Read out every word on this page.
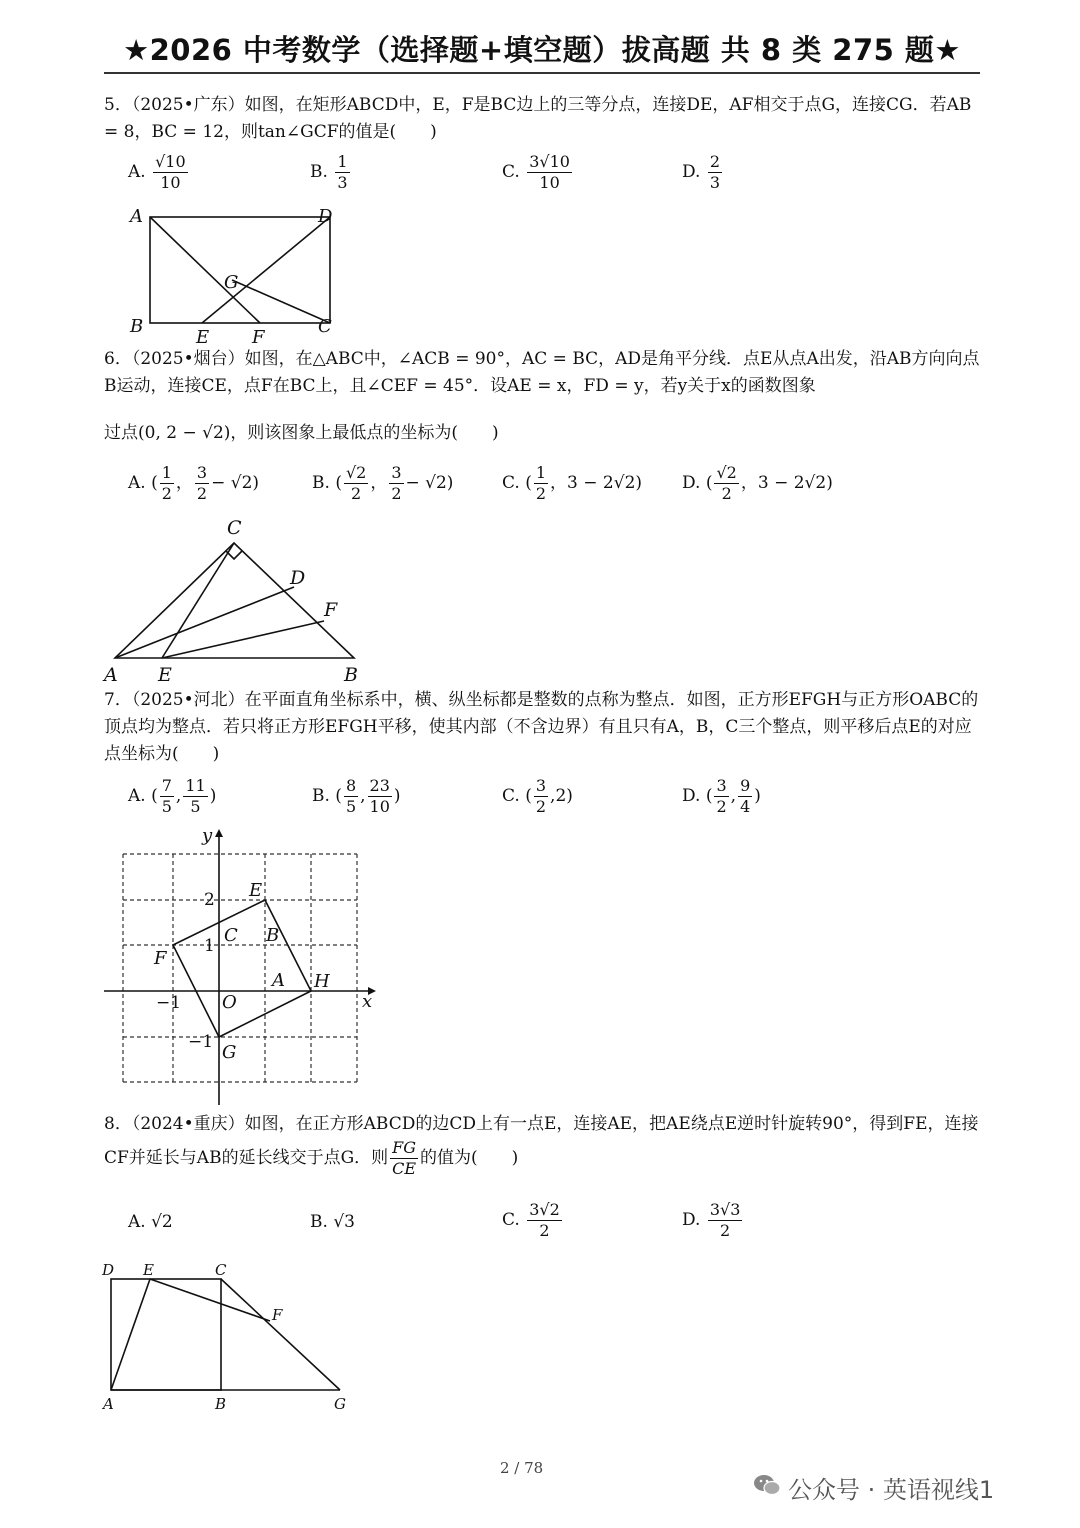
★2026 中考数学（选择题+填空题）拔高题 共 8 类 275 题★
5．（2025•广东）如图，在矩形ABCD中，E，F是BC边上的三等分点，连接DE，AF相交于点G，连接CG．若AB = 8，BC = 12，则tan∠GCF的值是(　　)
A. $\frac{√10}{10}$	B. $\frac{1}{3}$	C. $\frac{3√10}{10}$	D. $\frac{2}{3}$
A	D
B	C
E F
G
6．（2025•烟台）如图，在△ABC中，∠ACB = 90°，AC = BC，AD是角平分线．点E从点A出发，沿AB方向向点B运动，连接CE，点F在BC上，且∠CEF = 45°．设AE = x，FD = y，若y关于x的函数图象
过点(0, 2 − √2)，则该图象上最低点的坐标为(　　)
A. ( $\frac{1}{2}$ ， $\frac{3}{2} - √2$)	B. ( $\frac{√2}{2}$ ， $\frac{3}{2} - √2$)	C. ( $\frac{1}{2}$ ，3 − 2√2) D. ( $\frac{√2}{2}$ ，3 − 2√2)
A	B
C
D
E
F
7．（2025•河北）在平面直角坐标系中，横、纵坐标都是整数的点称为整点．如图，正方形EFGH与正方形OABC的顶点均为整点．若只将正方形EFGH平移，使其内部（不含边界）有且只有A，B，C三个整点，则平移后点E的对应点坐标为(　　)
A. ( $\frac{7}{5}$ , $\frac{11}{5}$ )	B. ( $\frac{8}{5}$ , $\frac{23}{10}$ )	C. ( $\frac{3}{2} ,2$)	D. ( $\frac{3}{2}$ , $\frac{9}{4}$ )
x
y
O
E
F
G
H
A
B
C
2
1
−1
−1
8．（2024•重庆）如图，在正方形ABCD的边CD上有一点E，连接AE，把AE绕点E逆时针旋转90°，得到FE，连接CF并延长与AB的延长线交于点G．则 $\frac{FG}{CE}$ 的值为(　　)
A. √2	B. √3	C. $\frac{3√2}{2}$	D. $\frac{3√3}{2}$
D E	C
F
A	B	G
2 / 78
公众号 · 英语视线1
